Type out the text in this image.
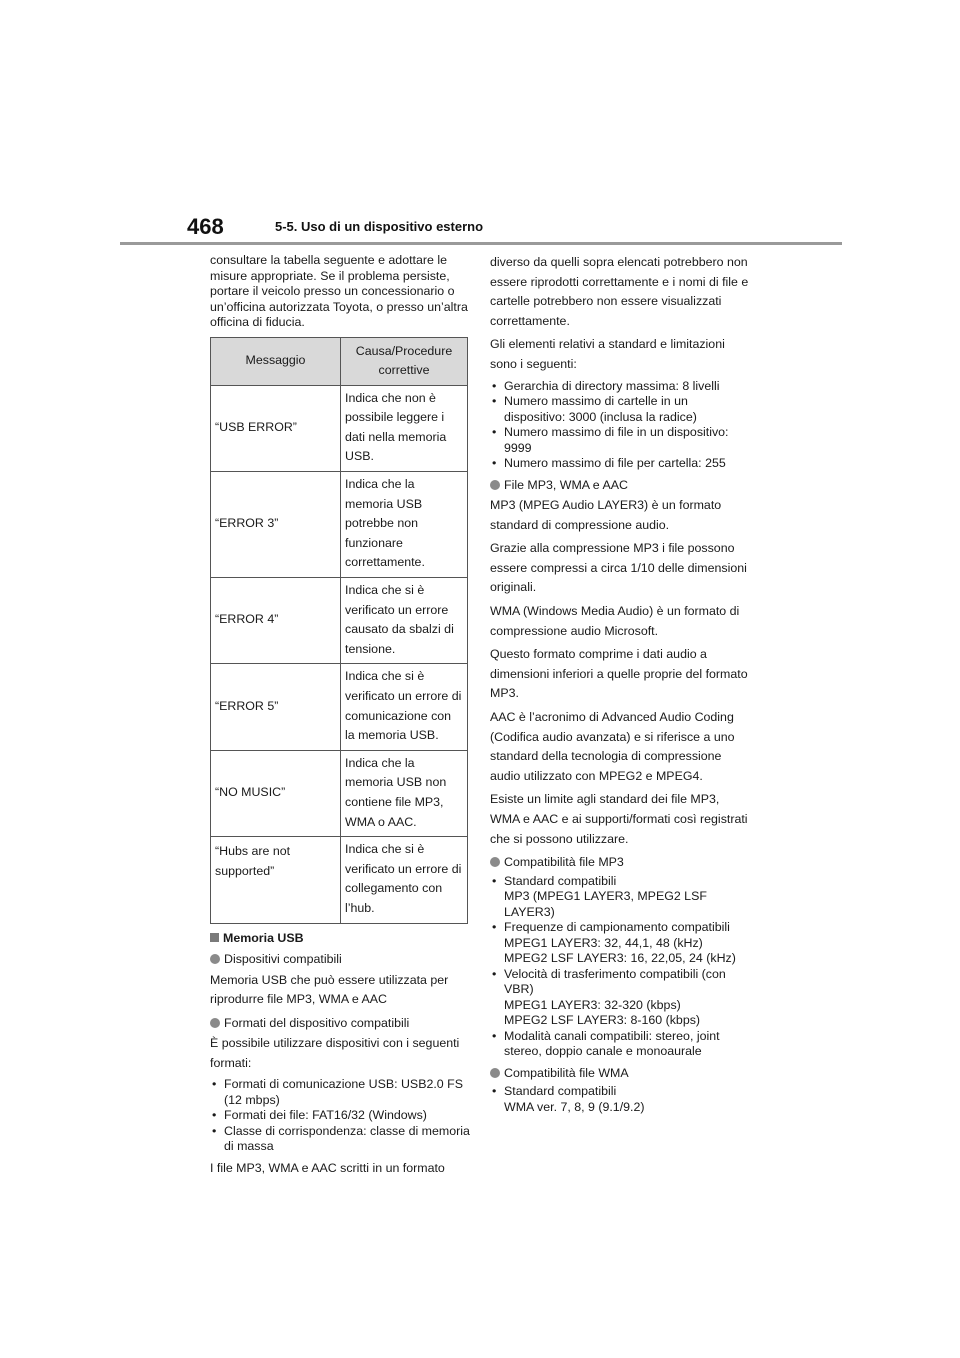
468	5-5. Uso di un dispositivo esterno

consultare la tabella seguente e adottare le misure appropriate. Se il problema persiste, portare il veicolo presso un concessionario o un’officina autorizzata Toyota, o presso un’altra officina di fiducia.

Messaggio	Causa/Procedure correttive
“USB ERROR”	Indica che non è possibile leggere i dati nella memoria USB.
“ERROR 3”	Indica che la memoria USB potrebbe non funzionare correttamente.
“ERROR 4”	Indica che si è verificato un errore causato da sbalzi di tensione.
“ERROR 5”	Indica che si è verificato un errore di comunicazione con la memoria USB.
“NO MUSIC”	Indica che la memoria USB non contiene file MP3, WMA o AAC.
“Hubs are not supported”	Indica che si è verificato un errore di collegamento con l’hub.
Memoria USB
Dispositivi compatibili

Memoria USB che può essere utilizzata per riprodurre file MP3, WMA e AAC

Formati del dispositivo compatibili

È possibile utilizzare dispositivi con i seguenti formati:

• Formati di comunicazione USB: USB2.0 FS (12 mbps)
• Formati dei file: FAT16/32 (Windows)
• Classe di corrispondenza: classe di memoria di massa

I file MP3, WMA e AAC scritti in un formato

diverso da quelli sopra elencati potrebbero non essere riprodotti correttamente e i nomi di file e cartelle potrebbero non essere visualizzati correttamente.

Gli elementi relativi a standard e limitazioni sono i seguenti:

• Gerarchia di directory massima: 8 livelli
• Numero massimo di cartelle in un dispositivo: 3000 (inclusa la radice)
• Numero massimo di file in un dispositivo: 9999
• Numero massimo di file per cartella: 255
File MP3, WMA e AAC

MP3 (MPEG Audio LAYER3) è un formato standard di compressione audio.

Grazie alla compressione MP3 i file possono essere compressi a circa 1/10 delle dimensioni originali.

WMA (Windows Media Audio) è un formato di compressione audio Microsoft.

Questo formato comprime i dati audio a dimensioni inferiori a quelle proprie del formato MP3.

AAC è l’acronimo di Advanced Audio Coding (Codifica audio avanzata) e si riferisce a uno standard della tecnologia di compressione audio utilizzato con MPEG2 e MPEG4.

Esiste un limite agli standard dei file MP3, WMA e AAC e ai supporti/formati così registrati che si possono utilizzare.

Compatibilità file MP3
• Standard compatibili
MP3 (MPEG1 LAYER3, MPEG2 LSF LAYER3)
• Frequenze di campionamento compatibili
MPEG1 LAYER3: 32, 44,1, 48 (kHz)
MPEG2 LSF LAYER3: 16, 22,05, 24 (kHz)
• Velocità di trasferimento compatibili (con VBR)
MPEG1 LAYER3: 32-320 (kbps)
MPEG2 LSF LAYER3: 8-160 (kbps)
• Modalità canali compatibili: stereo, joint stereo, doppio canale e monoaurale
Compatibilità file WMA
• Standard compatibili
WMA ver. 7, 8, 9 (9.1/9.2)
